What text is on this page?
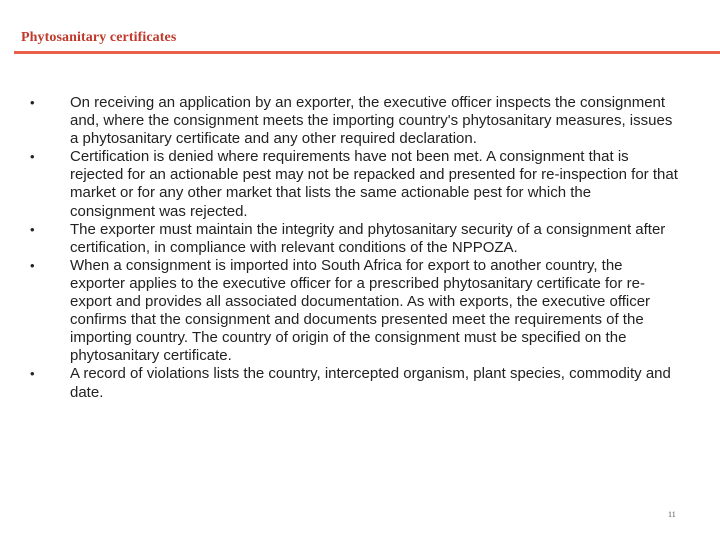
Phytosanitary certificates
• On receiving an application by an exporter, the executive officer inspects the consignment and, where the consignment meets the importing country's phytosanitary measures, issues a phytosanitary certificate and any other required declaration.
• Certification is denied where requirements have not been met. A consignment that is rejected for an actionable pest may not be repacked and presented for re-inspection for that market or for any other market that lists the same actionable pest for which the consignment was rejected.
• The exporter must maintain the integrity and phytosanitary security of a consignment after certification, in compliance with relevant conditions of the NPPOZA.
• When a consignment is imported into South Africa for export to another country, the exporter applies to the executive officer for a prescribed phytosanitary certificate for re-export and provides all associated documentation. As with exports, the executive officer confirms that the consignment and documents presented meet the requirements of the importing country. The country of origin of the consignment must be specified on the phytosanitary certificate.
• A record of violations lists the country, intercepted organism, plant species, commodity and date.
11
